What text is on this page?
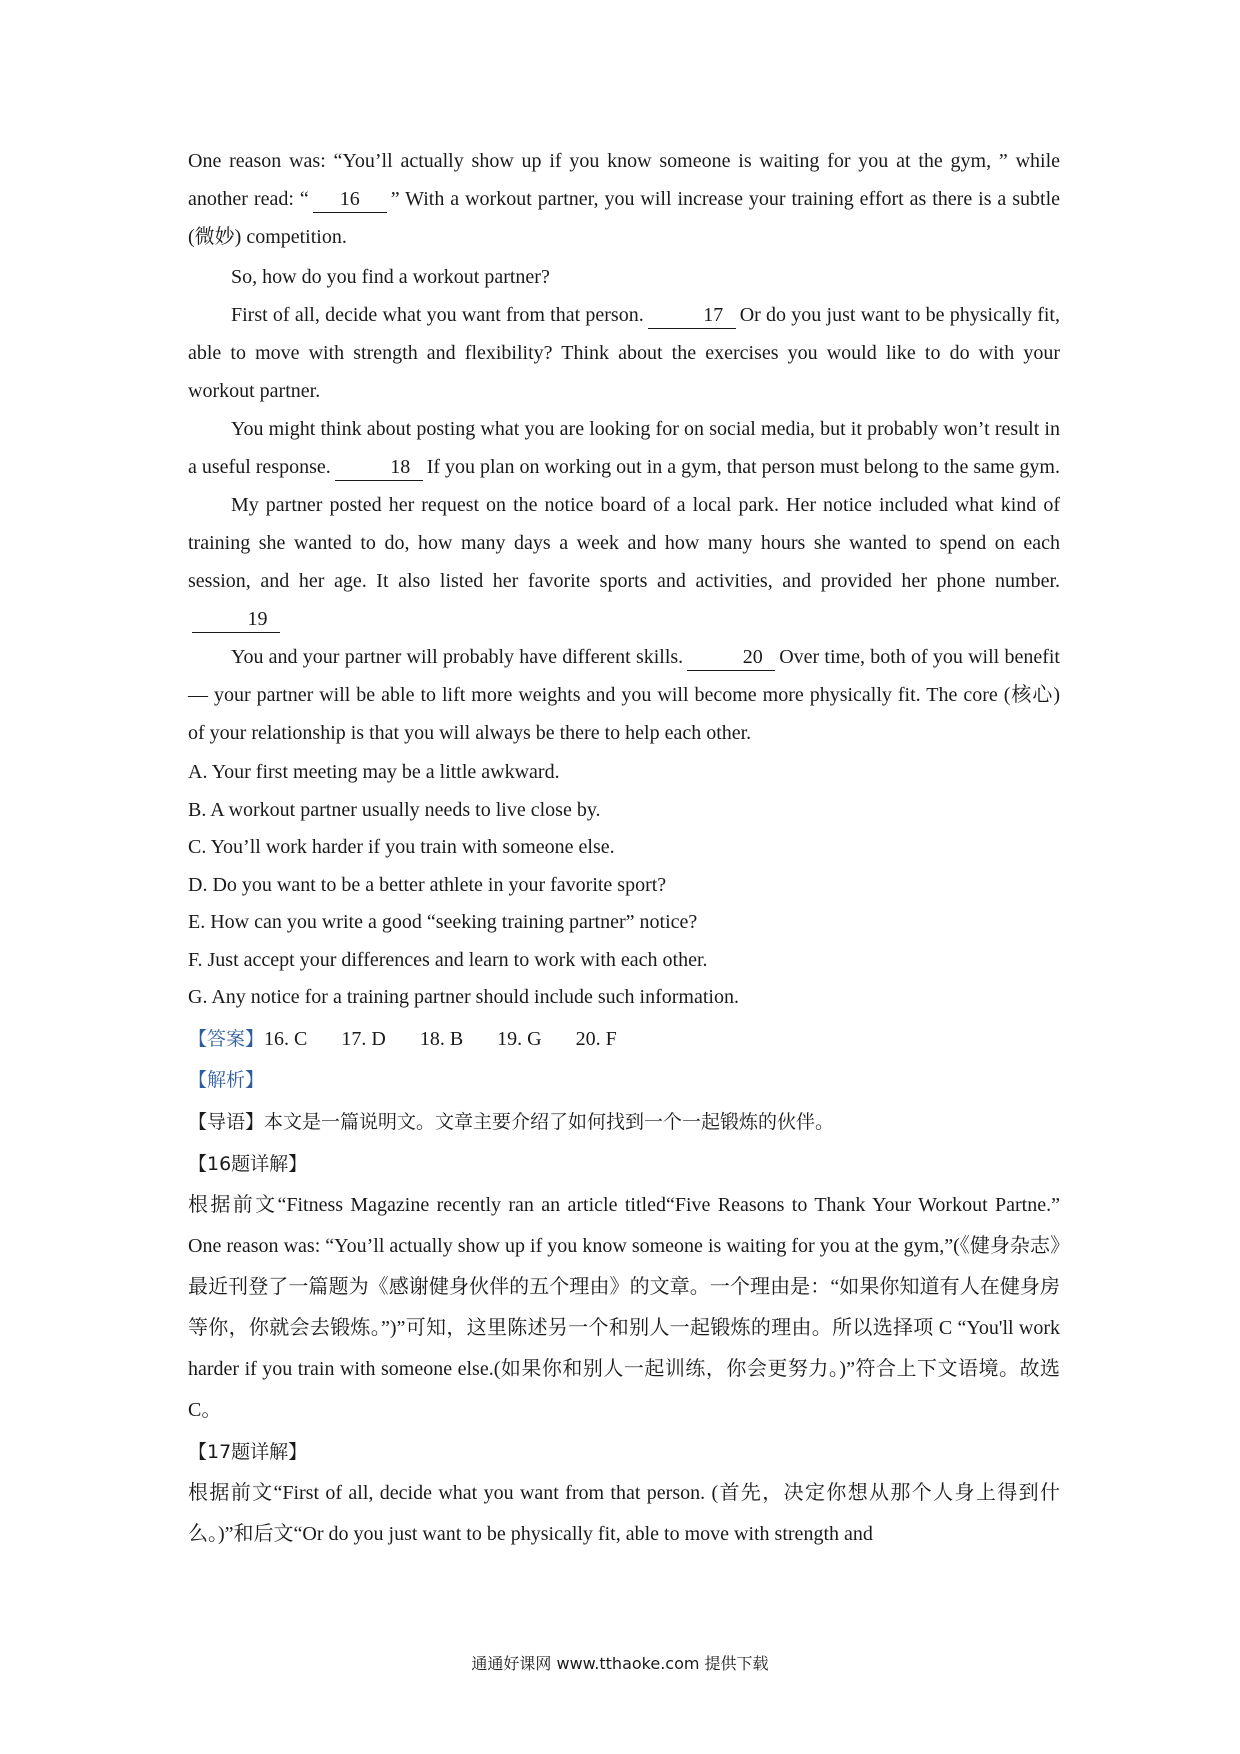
One reason was: “You’ll actually show up if you know someone is waiting for you at the gym, ” while another read: “ 16 ” With a workout partner, you will increase your training effort as there is a subtle (微妙) competition.

So, how do you find a workout partner?

First of all, decide what you want from that person.	17 Or do you just want to be physically fit, able to move with strength and flexibility? Think about the exercises you would like to do with your workout partner.

You might think about posting what you are looking for on social media, but it probably won’t result in a useful response.	18 If you plan on working out in a gym, that person must belong to the same gym.

My partner posted her request on the notice board of a local park. Her notice included what kind of training she wanted to do, how many days a week and how many hours she wanted to spend on each session, and her age. It also listed her favorite sports and activities, and provided her phone number.19

You and your partner will probably have different skills.	20 Over time, both of you will benefit — your partner will be able to lift more weights and you will become more physically fit. The core (核心) of your relationship is that you will always be there to help each other.

A. Your first meeting may be a little awkward.

B. A workout partner usually needs to live close by.

C. You’ll work harder if you train with someone else.

D. Do you want to be a better athlete in your favorite sport?

E. How can you write a good “seeking training partner” notice?

F. Just accept your differences and learn to work with each other.

G. Any notice for a training partner should include such information.

【答案】16. C 17. D 18. B 19. G 20. F

【解析】

【导语】本文是一篇说明文。文章主要介绍了如何找到一个一起锻炼的伙伴。

【16题详解】

根据前文“Fitness Magazine recently ran an article titled“Five Reasons to Thank Your Workout Partne.” One reason was: “You’ll actually show up if you know someone is waiting for you at the gym,”(《健身杂志》最近刊登了一篇题为《感谢健身伙伴的五个理由》的文章。一个理由是：“如果你知道有人在健身房等你，你就会去锻炼。”)”可知，这里陈述另一个和别人一起锻炼的理由。所以选择项 C “You'll work harder if you train with someone else.(如果你和别人一起训练，你会更努力。)”符合上下文语境。故选 C。

【17题详解】

根据前文“First of all, decide what you want from that person. (首先，决定你想从那个人身上得到什么。)”和后文“Or do you just want to be physically fit, able to move with strength and

通通好课网 www.tthaoke.com 提供下载
